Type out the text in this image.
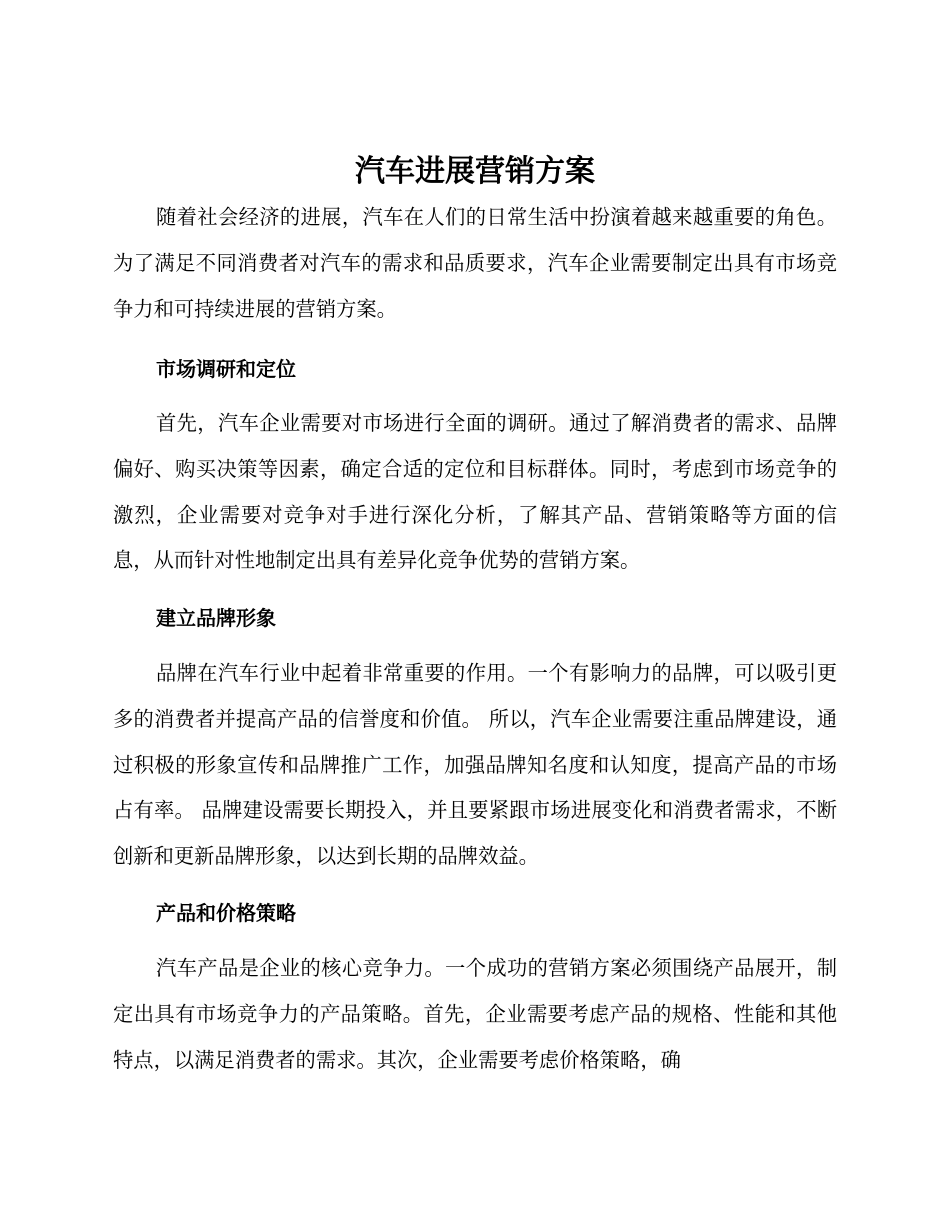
汽车进展营销方案

随着社会经济的进展，汽车在人们的日常生活中扮演着越来越重要的角色。为了满足不同消费者对汽车的需求和品质要求，汽车企业需要制定出具有市场竞争力和可持续进展的营销方案。

市场调研和定位

首先，汽车企业需要对市场进行全面的调研。通过了解消费者的需求、品牌偏好、购买决策等因素，确定合适的定位和目标群体。同时，考虑到市场竞争的激烈，企业需要对竞争对手进行深化分析，了解其产品、营销策略等方面的信息，从而针对性地制定出具有差异化竞争优势的营销方案。

建立品牌形象

品牌在汽车行业中起着非常重要的作用。一个有影响力的品牌，可以吸引更多的消费者并提高产品的信誉度和价值。 所以，汽车企业需要注重品牌建设，通过积极的形象宣传和品牌推广工作，加强品牌知名度和认知度，提高产品的市场占有率。 品牌建设需要长期投入，并且要紧跟市场进展变化和消费者需求，不断创新和更新品牌形象，以达到长期的品牌效益。

产品和价格策略

汽车产品是企业的核心竞争力。一个成功的营销方案必须围绕产品展开，制定出具有市场竞争力的产品策略。首先，企业需要考虑产品的规格、性能和其他特点，以满足消费者的需求。其次，企业需要考虑价格策略，确
